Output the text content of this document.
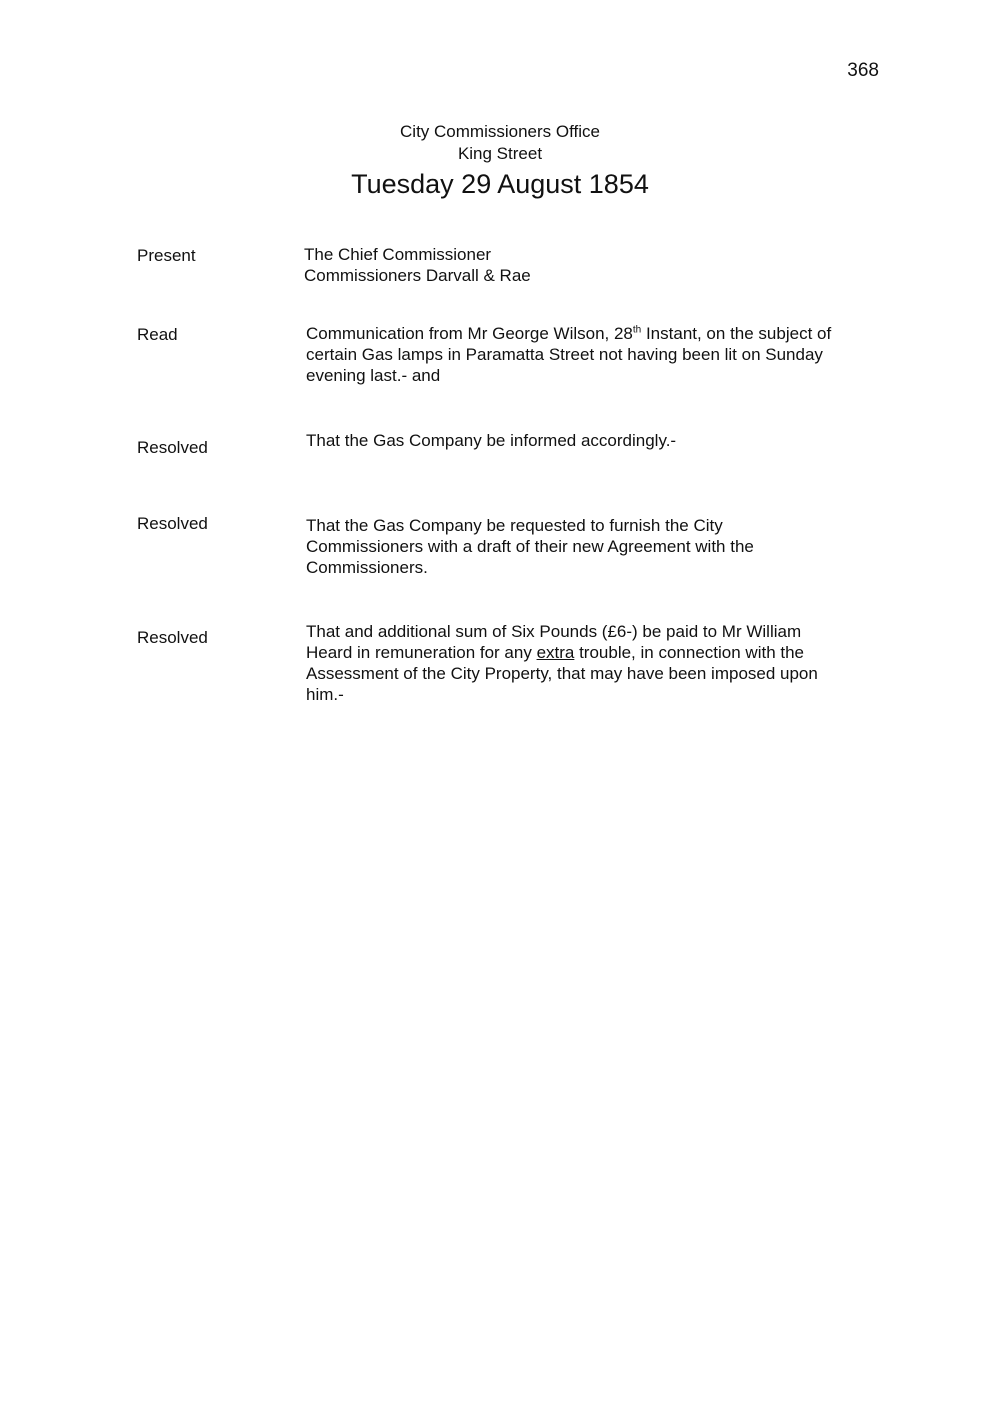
368
City Commissioners Office
King Street
Tuesday 29 August 1854
Present	The Chief Commissioner
Commissioners Darvall & Rae
Read	Communication from Mr George Wilson, 28th Instant, on the subject of
certain Gas lamps in Paramatta Street not having been lit on Sunday
evening last.- and
Resolved	That the Gas Company be informed accordingly.-
Resolved	That the Gas Company be requested to furnish the City
Commissioners with a draft of their new Agreement with the
Commissioners.
Resolved	That and additional sum of Six Pounds (£6-) be paid to Mr William
Heard in remuneration for any extra trouble, in connection with the
Assessment of the City Property, that may have been imposed upon
him.-
